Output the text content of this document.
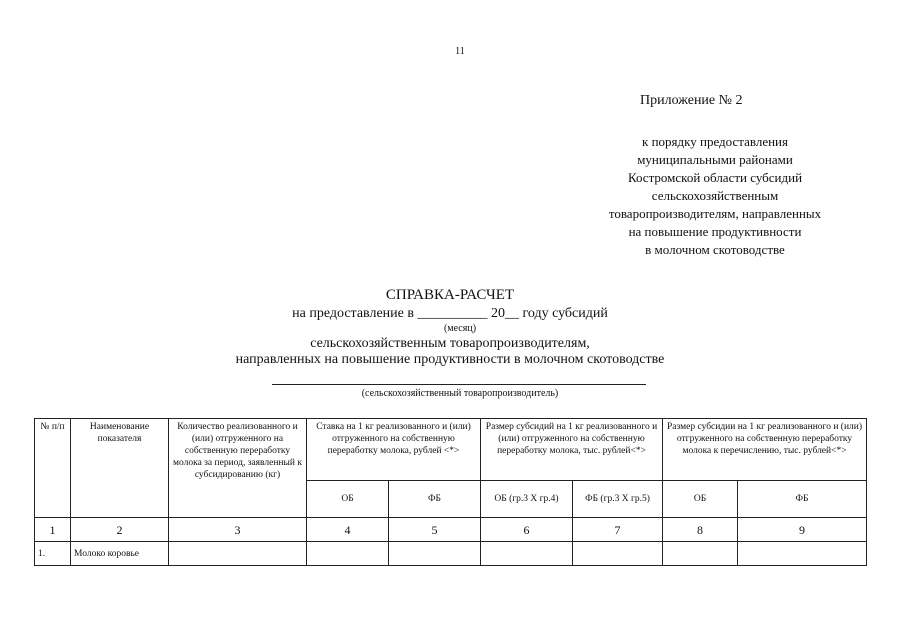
11
Приложение № 2
к порядку предоставления
муниципальными районами
Костромской области субсидий
сельскохозяйственным
товаропроизводителям, направленных
на повышение продуктивности
в молочном скотоводстве
СПРАВКА-РАСЧЕТ
на предоставление в __________ 20__ году субсидий
(месяц)
сельскохозяйственным товаропроизводителям,
направленных на повышение продуктивности в молочном скотоводстве
(сельскохозяйственный товаропроизводитель)
№ п/п	Наименование показателя	Количество реализованного и (или) отгруженного на собственную переработку молока за период, заявленный к субсидированию (кг)	Ставка на 1 кг реализованного и (или) отгруженного на собственную переработку молока, рублей <*>		Размер субсидий на 1 кг реализованного и (или) отгруженного на собственную переработку молока, тыс. рублей<*>		Размер субсидии на 1 кг реализованного и (или) отгруженного на собственную переработку молока к перечислению, тыс. рублей<*>	
			ОБ	ФБ	ОБ (гр.3 X гр.4)	ФБ (гр.3 X гр.5)	ОБ	ФБ
1	2	3	4	5	6	7	8	9
1.	Молоко коровье							
